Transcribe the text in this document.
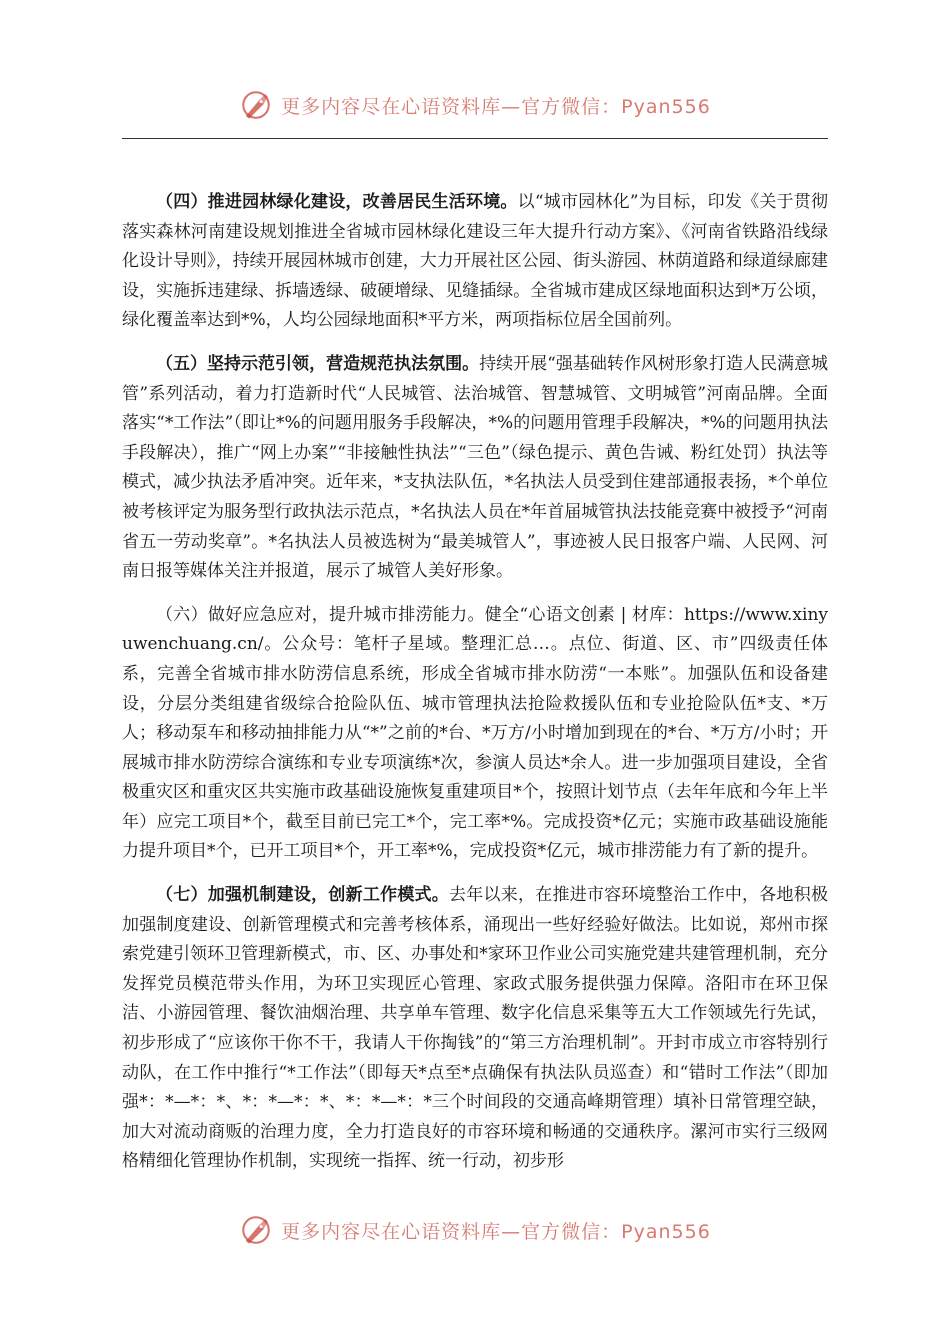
更多内容尽在心语资料库—官方微信：Pyan556

（四）推进园林绿化建设，改善居民生活环境。以“城市园林化”为目标，印发《关于贯彻落实森林河南建设规划推进全省城市园林绿化建设三年大提升行动方案》、《河南省铁路沿线绿化设计导则》，持续开展园林城市创建，大力开展社区公园、街头游园、林荫道路和绿道绿廊建设，实施拆违建绿、拆墙透绿、破硬增绿、见缝插绿。全省城市建成区绿地面积达到*万公顷，绿化覆盖率达到*%，人均公园绿地面积*平方米，两项指标位居全国前列。

（五）坚持示范引领，营造规范执法氛围。持续开展“强基础转作风树形象打造人民满意城管”系列活动，着力打造新时代“人民城管、法治城管、智慧城管、文明城管”河南品牌。全面落实“*工作法”（即让*%的问题用服务手段解决，*%的问题用管理手段解决，*%的问题用执法手段解决），推广“网上办案”“非接触性执法”“三色”（绿色提示、黄色告诫、粉红处罚）执法等模式，减少执法矛盾冲突。近年来，*支执法队伍，*名执法人员受到住建部通报表扬，*个单位被考核评定为服务型行政执法示范点，*名执法人员在*年首届城管执法技能竞赛中被授予“河南省五一劳动奖章”。*名执法人员被选树为“最美城管人”，事迹被人民日报客户端、人民网、河南日报等媒体关注并报道，展示了城管人美好形象。

（六）做好应急应对，提升城市排涝能力。健全“心语文创素 | 材库：https://www.xinyuwenchuang.cn/。公众号：笔杆子星域。整理汇总…。点位、街道、区、市”四级责任体系，完善全省城市排水防涝信息系统，形成全省城市排水防涝“一本账”。加强队伍和设备建设，分层分类组建省级综合抢险队伍、城市管理执法抢险救援队伍和专业抢险队伍*支、*万人；移动泵车和移动抽排能力从“*”之前的*台、*万方/小时增加到现在的*台、*万方/小时；开展城市排水防涝综合演练和专业专项演练*次，参演人员达*余人。进一步加强项目建设，全省极重灾区和重灾区共实施市政基础设施恢复重建项目*个，按照计划节点（去年年底和今年上半年）应完工项目*个，截至目前已完工*个，完工率*%。完成投资*亿元；实施市政基础设施能力提升项目*个，已开工项目*个，开工率*%，完成投资*亿元，城市排涝能力有了新的提升。

（七）加强机制建设，创新工作模式。去年以来，在推进市容环境整治工作中，各地积极加强制度建设、创新管理模式和完善考核体系，涌现出一些好经验好做法。比如说，郑州市探索党建引领环卫管理新模式，市、区、办事处和*家环卫作业公司实施党建共建管理机制，充分发挥党员模范带头作用，为环卫实现匠心管理、家政式服务提供强力保障。洛阳市在环卫保洁、小游园管理、餐饮油烟治理、共享单车管理、数字化信息采集等五大工作领域先行先试，初步形成了“应该你干你不干，我请人干你掏钱”的“第三方治理机制”。开封市成立市容特别行动队，在工作中推行“*工作法”（即每天*点至*点确保有执法队员巡查）和“错时工作法”（即加强*：*—*：*、*：*—*：*、*：*—*：*三个时间段的交通高峰期管理）填补日常管理空缺，加大对流动商贩的治理力度，全力打造良好的市容环境和畅通的交通秩序。漯河市实行三级网格精细化管理协作机制，实现统一指挥、统一行动，初步形

更多内容尽在心语资料库—官方微信：Pyan556
